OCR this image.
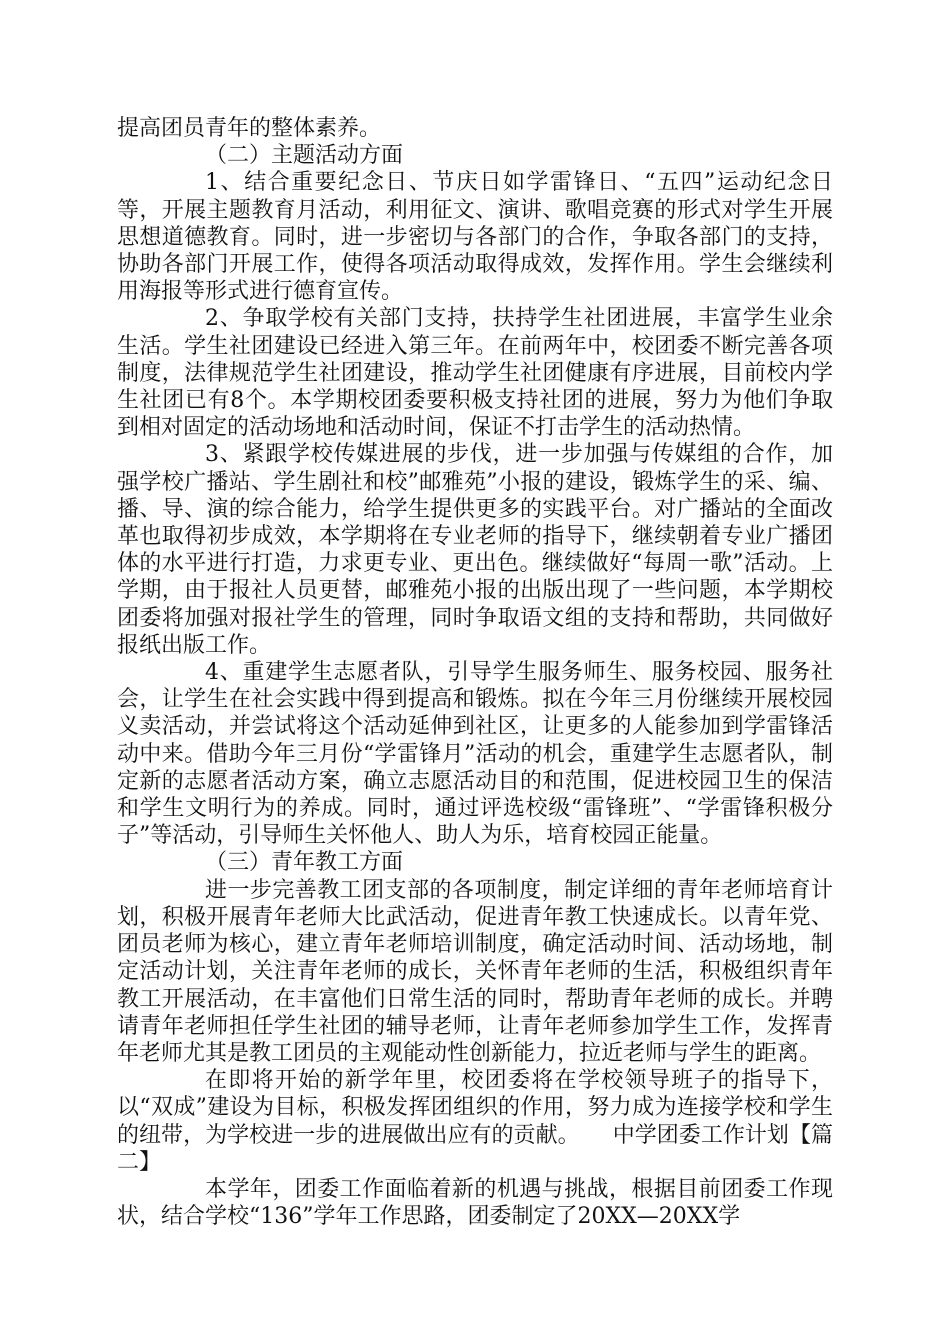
提高团员青年的整体素养。

（二）主题活动方面

1、结合重要纪念日、节庆日如学雷锋日、“五四”运动纪念日等，开展主题教育月活动，利用征文、演讲、歌唱竞赛的形式对学生开展思想道德教育。同时，进一步密切与各部门的合作，争取各部门的支持，协助各部门开展工作，使得各项活动取得成效，发挥作用。学生会继续利用海报等形式进行德育宣传。

2、争取学校有关部门支持，扶持学生社团进展，丰富学生业余生活。学生社团建设已经进入第三年。在前两年中，校团委不断完善各项制度，法律规范学生社团建设，推动学生社团健康有序进展，目前校内学生社团已有8个。本学期校团委要积极支持社团的进展，努力为他们争取到相对固定的活动场地和活动时间，保证不打击学生的活动热情。

3、紧跟学校传媒进展的步伐，进一步加强与传媒组的合作，加强学校广播站、学生剧社和校”邮雅苑”小报的建设，锻炼学生的采、编、播、导、演的综合能力，给学生提供更多的实践平台。对广播站的全面改革也取得初步成效，本学期将在专业老师的指导下，继续朝着专业广播团体的水平进行打造，力求更专业、更出色。继续做好“每周一歌”活动。上学期，由于报社人员更替，邮雅苑小报的出版出现了一些问题，本学期校团委将加强对报社学生的管理，同时争取语文组的支持和帮助，共同做好报纸出版工作。

4、重建学生志愿者队，引导学生服务师生、服务校园、服务社会，让学生在社会实践中得到提高和锻炼。拟在今年三月份继续开展校园义卖活动，并尝试将这个活动延伸到社区，让更多的人能参加到学雷锋活动中来。借助今年三月份“学雷锋月”活动的机会，重建学生志愿者队，制定新的志愿者活动方案，确立志愿活动目的和范围，促进校园卫生的保洁和学生文明行为的养成。同时，通过评选校级“雷锋班”、“学雷锋积极分子”等活动，引导师生关怀他人、助人为乐，培育校园正能量。

（三）青年教工方面

进一步完善教工团支部的各项制度，制定详细的青年老师培育计划，积极开展青年老师大比武活动，促进青年教工快速成长。以青年党、团员老师为核心，建立青年老师培训制度，确定活动时间、活动场地，制定活动计划，关注青年老师的成长，关怀青年老师的生活，积极组织青年教工开展活动，在丰富他们日常生活的同时，帮助青年老师的成长。并聘请青年老师担任学生社团的辅导老师，让青年老师参加学生工作，发挥青年老师尤其是教工团员的主观能动性创新能力，拉近老师与学生的距离。

在即将开始的新学年里，校团委将在学校领导班子的指导下，以“双成”建设为目标，积极发挥团组织的作用，努力成为连接学校和学生的纽带，为学校进一步的进展做出应有的贡献。　　中学团委工作计划【篇二】

本学年，团委工作面临着新的机遇与挑战，根据目前团委工作现状，结合学校“136”学年工作思路，团委制定了20XX—20XX学
